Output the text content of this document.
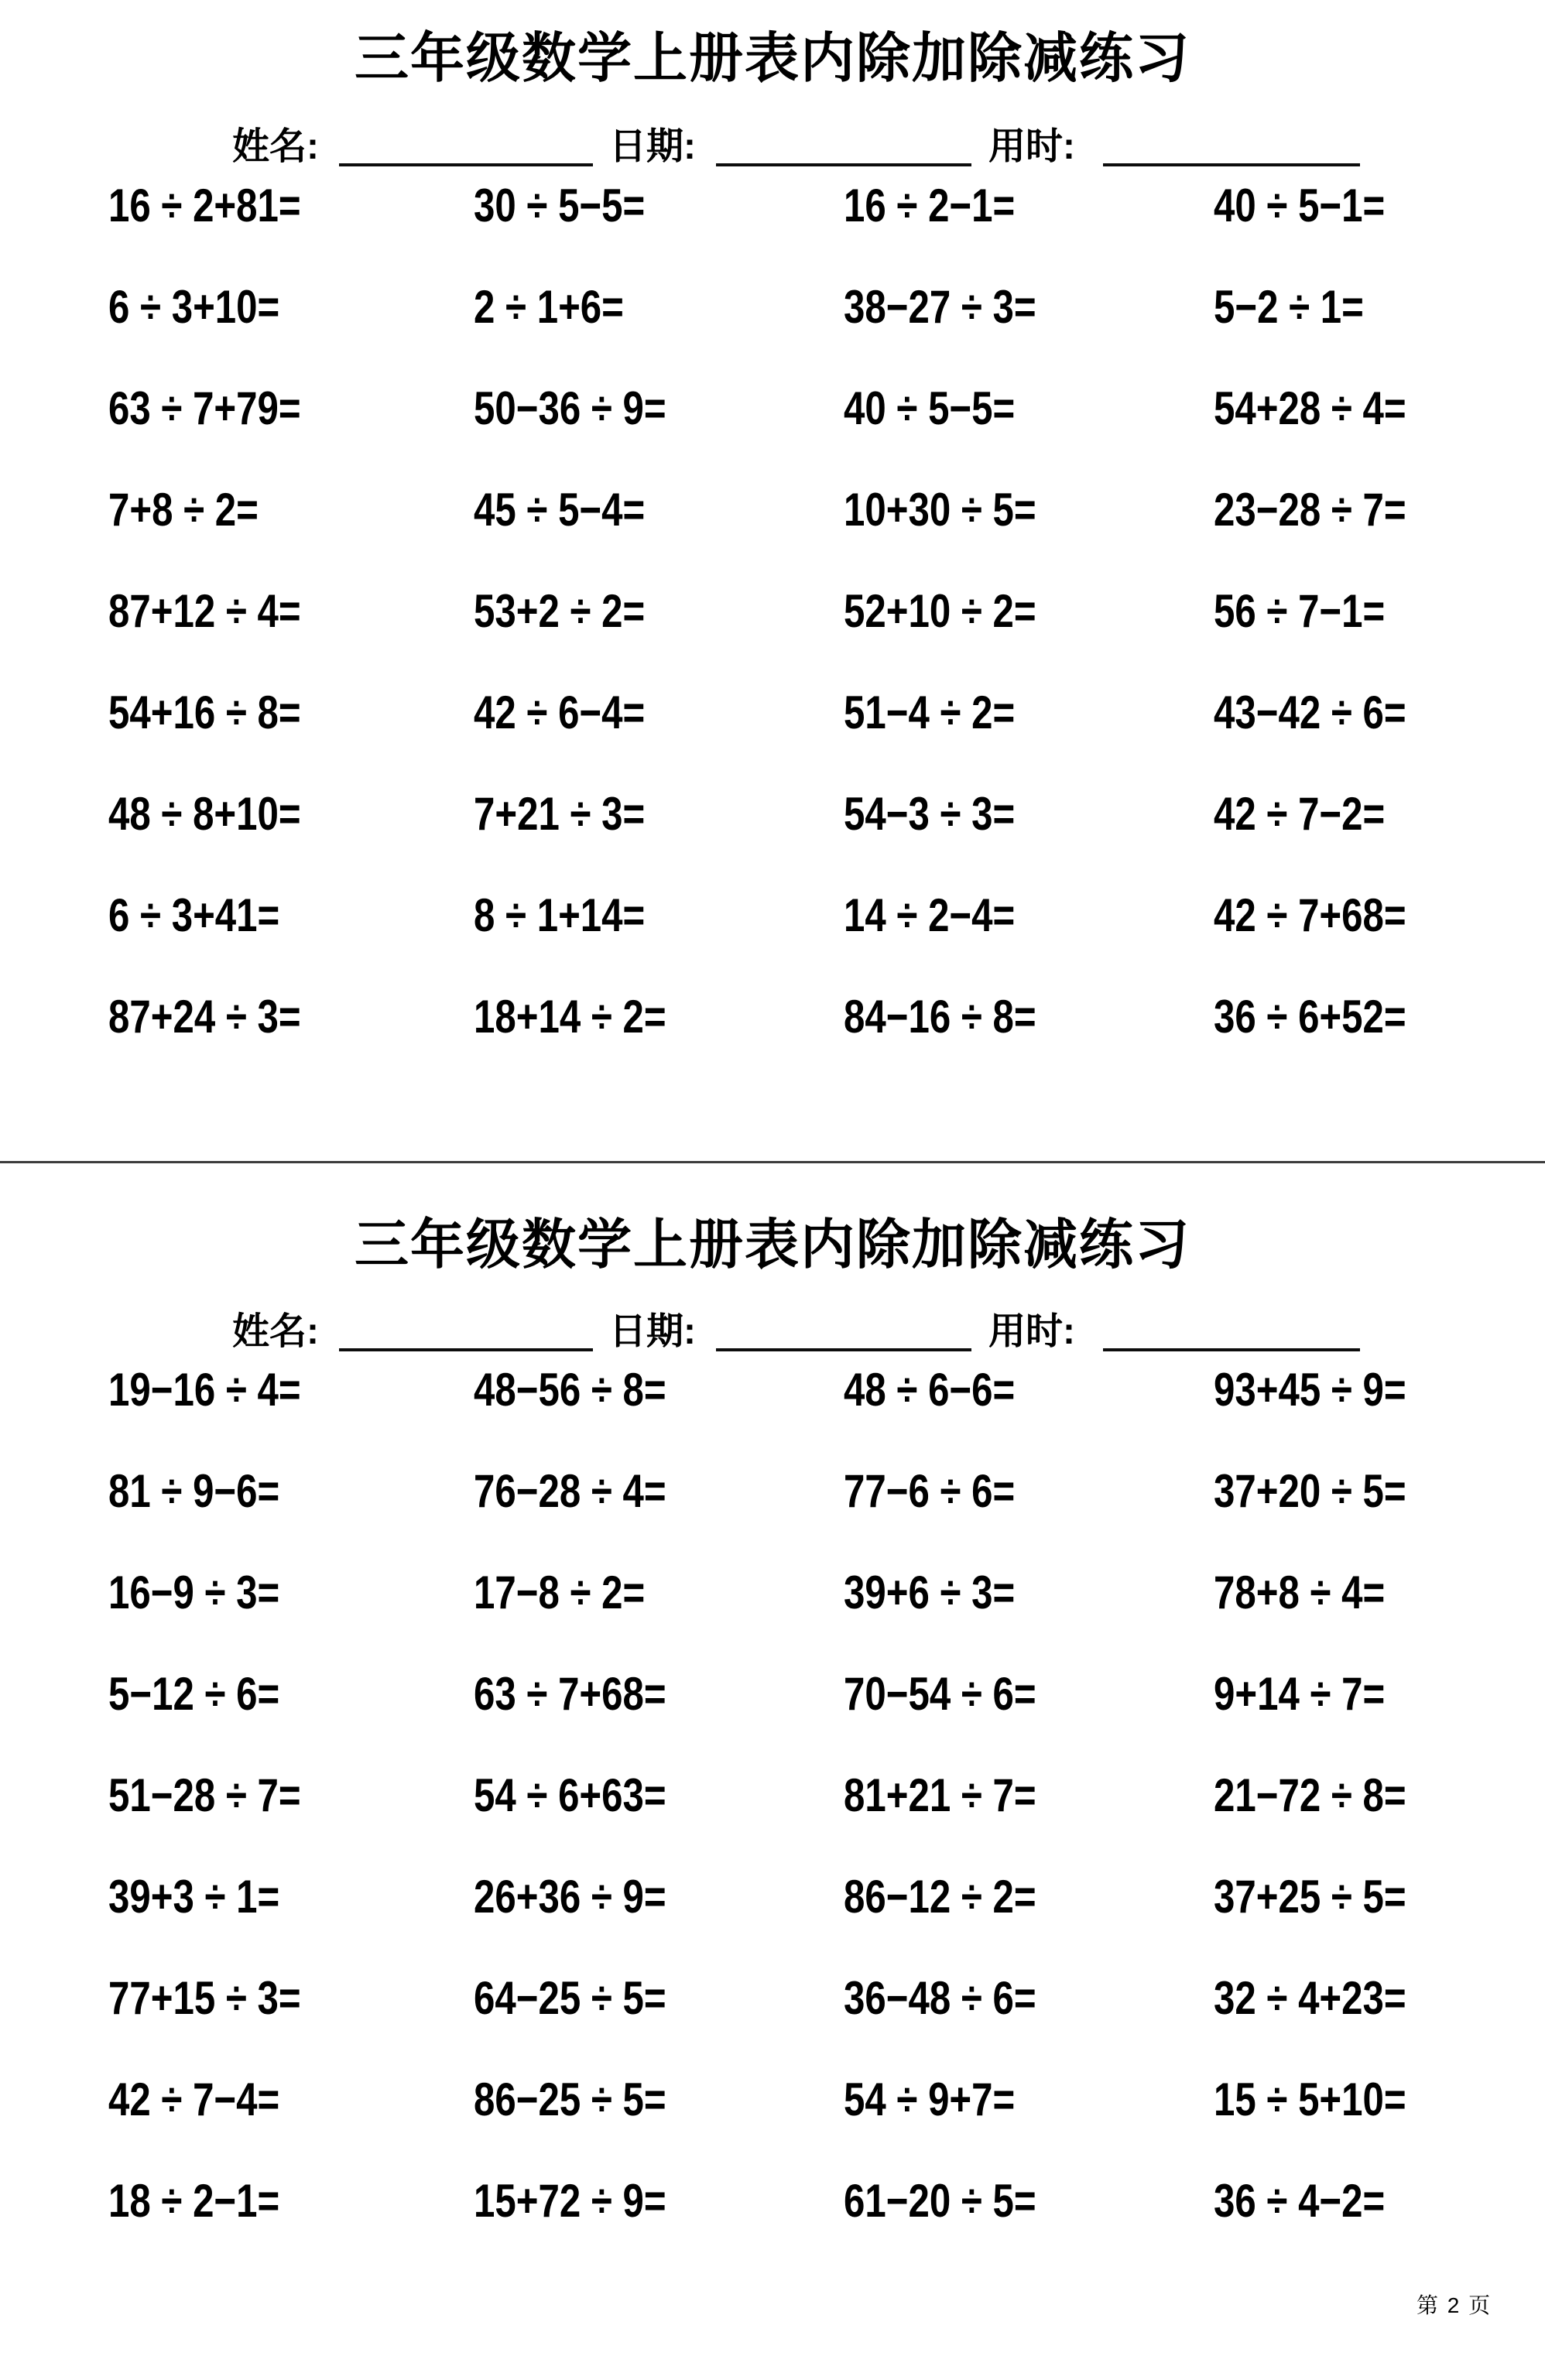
三年级数学上册表内除加除减练习
姓名:	日期:	用时:
16 ÷ 2+81=	30 ÷ 5−5=	16 ÷ 2−1=	40 ÷ 5−1=
6 ÷ 3+10=	2 ÷ 1+6=	38−27 ÷ 3=	5−2 ÷ 1=
63 ÷ 7+79=	50−36 ÷ 9=	40 ÷ 5−5=	54+28 ÷ 4=
7+8 ÷ 2=	45 ÷ 5−4=	10+30 ÷ 5=	23−28 ÷ 7=
87+12 ÷ 4=	53+2 ÷ 2=	52+10 ÷ 2=	56 ÷ 7−1=
54+16 ÷ 8=	42 ÷ 6−4=	51−4 ÷ 2=	43−42 ÷ 6=
48 ÷ 8+10=	7+21 ÷ 3=	54−3 ÷ 3=	42 ÷ 7−2=
6 ÷ 3+41=	8 ÷ 1+14=	14 ÷ 2−4=	42 ÷ 7+68=
87+24 ÷ 3=	18+14 ÷ 2=	84−16 ÷ 8=	36 ÷ 6+52=
三年级数学上册表内除加除减练习
姓名:	日期:	用时:
19−16 ÷ 4=	48−56 ÷ 8=	48 ÷ 6−6=	93+45 ÷ 9=
81 ÷ 9−6=	76−28 ÷ 4=	77−6 ÷ 6=	37+20 ÷ 5=
16−9 ÷ 3=	17−8 ÷ 2=	39+6 ÷ 3=	78+8 ÷ 4=
5−12 ÷ 6=	63 ÷ 7+68=	70−54 ÷ 6=	9+14 ÷ 7=
51−28 ÷ 7=	54 ÷ 6+63=	81+21 ÷ 7=	21−72 ÷ 8=
39+3 ÷ 1=	26+36 ÷ 9=	86−12 ÷ 2=	37+25 ÷ 5=
77+15 ÷ 3=	64−25 ÷ 5=	36−48 ÷ 6=	32 ÷ 4+23=
42 ÷ 7−4=	86−25 ÷ 5=	54 ÷ 9+7=	15 ÷ 5+10=
18 ÷ 2−1=	15+72 ÷ 9=	61−20 ÷ 5=	36 ÷ 4−2=
第 2 页
